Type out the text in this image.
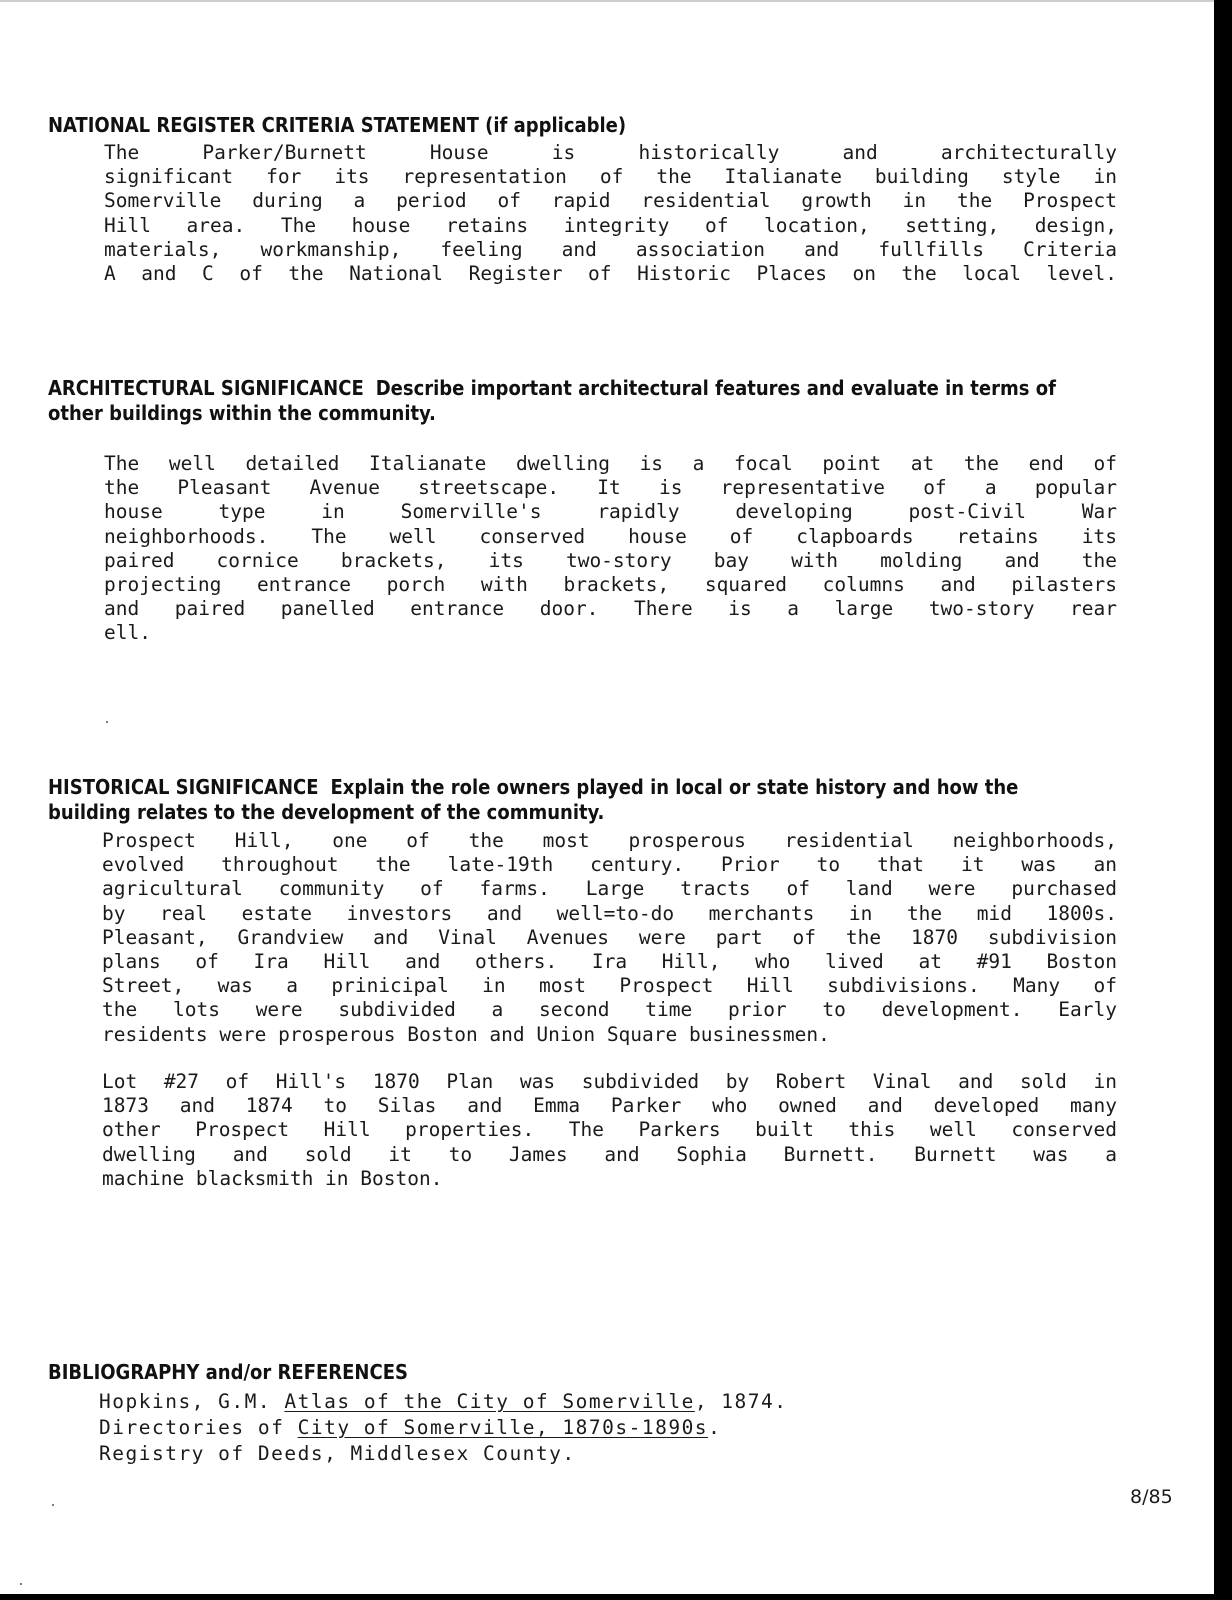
NATIONAL REGISTER CRITERIA STATEMENT (if applicable)
The Parker/Burnett House is historically and architecturally
significant for its representation of the Italianate building style in
Somerville during a period of rapid residential growth in the Prospect
Hill area. The house retains integrity of location, setting, design,
materials, workmanship, feeling and association and fullfills Criteria
A and C of the National Register of Historic Places on the local level.
ARCHITECTURAL SIGNIFICANCE Describe important architectural features and evaluate in terms of
other buildings within the community.
The well detailed Italianate dwelling is a focal point at the end of
the Pleasant Avenue streetscape. It is representative of a popular
house type in Somerville's rapidly developing post-Civil War
neighborhoods. The well conserved house of clapboards retains its
paired cornice brackets, its two-story bay with molding and the
projecting entrance porch with brackets, squared columns and pilasters
and paired panelled entrance door. There is a large two-story rear
ell.
HISTORICAL SIGNIFICANCE Explain the role owners played in local or state history and how the
building relates to the development of the community.
Prospect Hill, one of the most prosperous residential neighborhoods,
evolved throughout the late-19th century. Prior to that it was an
agricultural community of farms. Large tracts of land were purchased
by real estate investors and well=to-do merchants in the mid 1800s.
Pleasant, Grandview and Vinal Avenues were part of the 1870 subdivision
plans of Ira Hill and others. Ira Hill, who lived at #91 Boston
Street, was a prinicipal in most Prospect Hill subdivisions. Many of
the lots were subdivided a second time prior to development. Early
residents were prosperous Boston and Union Square businessmen.
Lot #27 of Hill's 1870 Plan was subdivided by Robert Vinal and sold in
1873 and 1874 to Silas and Emma Parker who owned and developed many
other Prospect Hill properties. The Parkers built this well conserved
dwelling and sold it to James and Sophia Burnett. Burnett was a
machine blacksmith in Boston.
BIBLIOGRAPHY and/or REFERENCES
Hopkins, G.M. Atlas of the City of Somerville, 1874.
Directories of City of Somerville, 1870s-1890s.
Registry of Deeds, Middlesex County.
8/85
